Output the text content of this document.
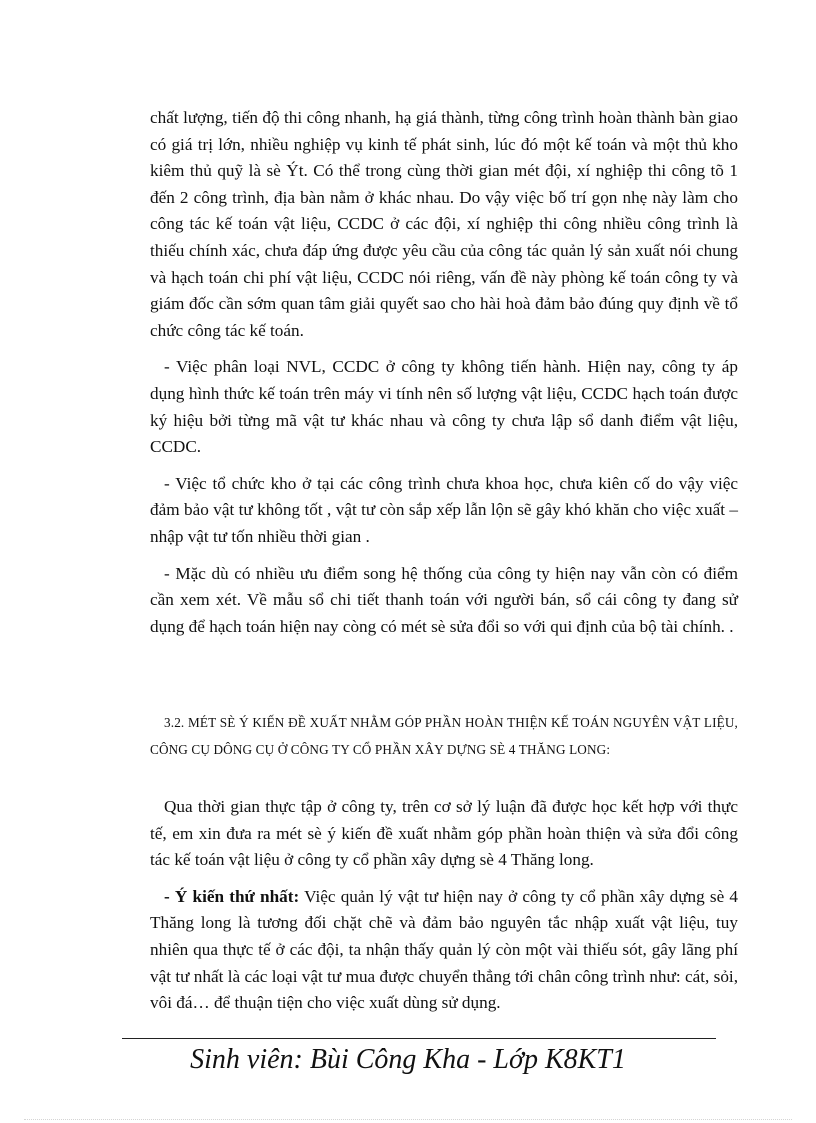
chất lượng, tiến độ thi công nhanh, hạ giá thành, từng công trình hoàn thành bàn giao có giá trị lớn, nhiều nghiệp vụ kinh tế phát sinh, lúc đó một kế toán và một thủ kho kiêm thủ quỹ là sè Ýt. Có thể trong cùng thời gian mét đội, xí nghiệp thi công tõ 1 đến 2 công trình, địa bàn nằm ở khác nhau. Do vậy việc bố trí gọn nhẹ này làm cho công tác kế toán vật liệu, CCDC ở các đội, xí nghiệp thi công nhiều công trình là thiếu chính xác, chưa đáp ứng được yêu cầu của công tác quản lý sản xuất nói chung và hạch toán chi phí vật liệu, CCDC nói riêng, vấn đề này phòng kế toán công ty và giám đốc cần sớm quan tâm giải quyết sao cho hài hoà đảm bảo đúng quy định về tổ chức công tác kế toán.

- Việc phân loại NVL, CCDC ở công ty không tiến hành. Hiện nay, công ty áp dụng hình thức kế toán trên máy vi tính nên số lượng vật liệu, CCDC hạch toán được ký hiệu bởi từng mã vật tư khác nhau và công ty chưa lập sổ danh điểm vật liệu, CCDC.

- Việc tổ chức kho ở tại các công trình chưa khoa học, chưa kiên cố do vậy việc đảm bảo vật tư không tốt , vật tư còn sắp xếp lẫn lộn sẽ gây khó khăn cho việc xuất – nhập vật tư tốn nhiều thời gian .

- Mặc dù có nhiều ưu điểm song hệ thống của công ty hiện nay vẫn còn có điểm cần xem xét. Về mẫu sổ chi tiết thanh toán với người bán, sổ cái công ty đang sử dụng để hạch toán hiện nay còng có mét sè sửa đổi so với qui định của bộ tài chính. .

3.2. MÉT SÈ Ý KIẾN ĐỀ XUẤT NHẰM GÓP PHẦN HOÀN THIỆN KẾ TOÁN NGUYÊN VẬT LIỆU, CÔNG CỤ DÔNG CỤ Ở CÔNG TY CỔ PHẦN XÂY DỰNG SÈ 4 THĂNG LONG:

Qua thời gian thực tập ở công ty, trên cơ sở lý luận đã được học kết hợp với thực tế, em xin đưa ra mét sè ý kiến đề xuất nhằm góp phần hoàn thiện và sửa đổi công tác kế toán vật liệu ở công ty cổ phần xây dựng sè 4 Thăng long.

- Ý kiến thứ nhất: Việc quản lý vật tư hiện nay ở công ty cổ phần xây dựng sè 4 Thăng long là tương đối chặt chẽ và đảm bảo nguyên tắc nhập xuất vật liệu, tuy nhiên qua thực tế ở các đội, ta nhận thấy quản lý còn một vài thiếu sót, gây lãng phí vật tư nhất là các loại vật tư mua được chuyển thẳng tới chân công trình như: cát, sỏi, vôi đá… để thuận tiện cho việc xuất dùng sử dụng.

Sinh viên: Bùi Công Kha - Lớp K8KT1
